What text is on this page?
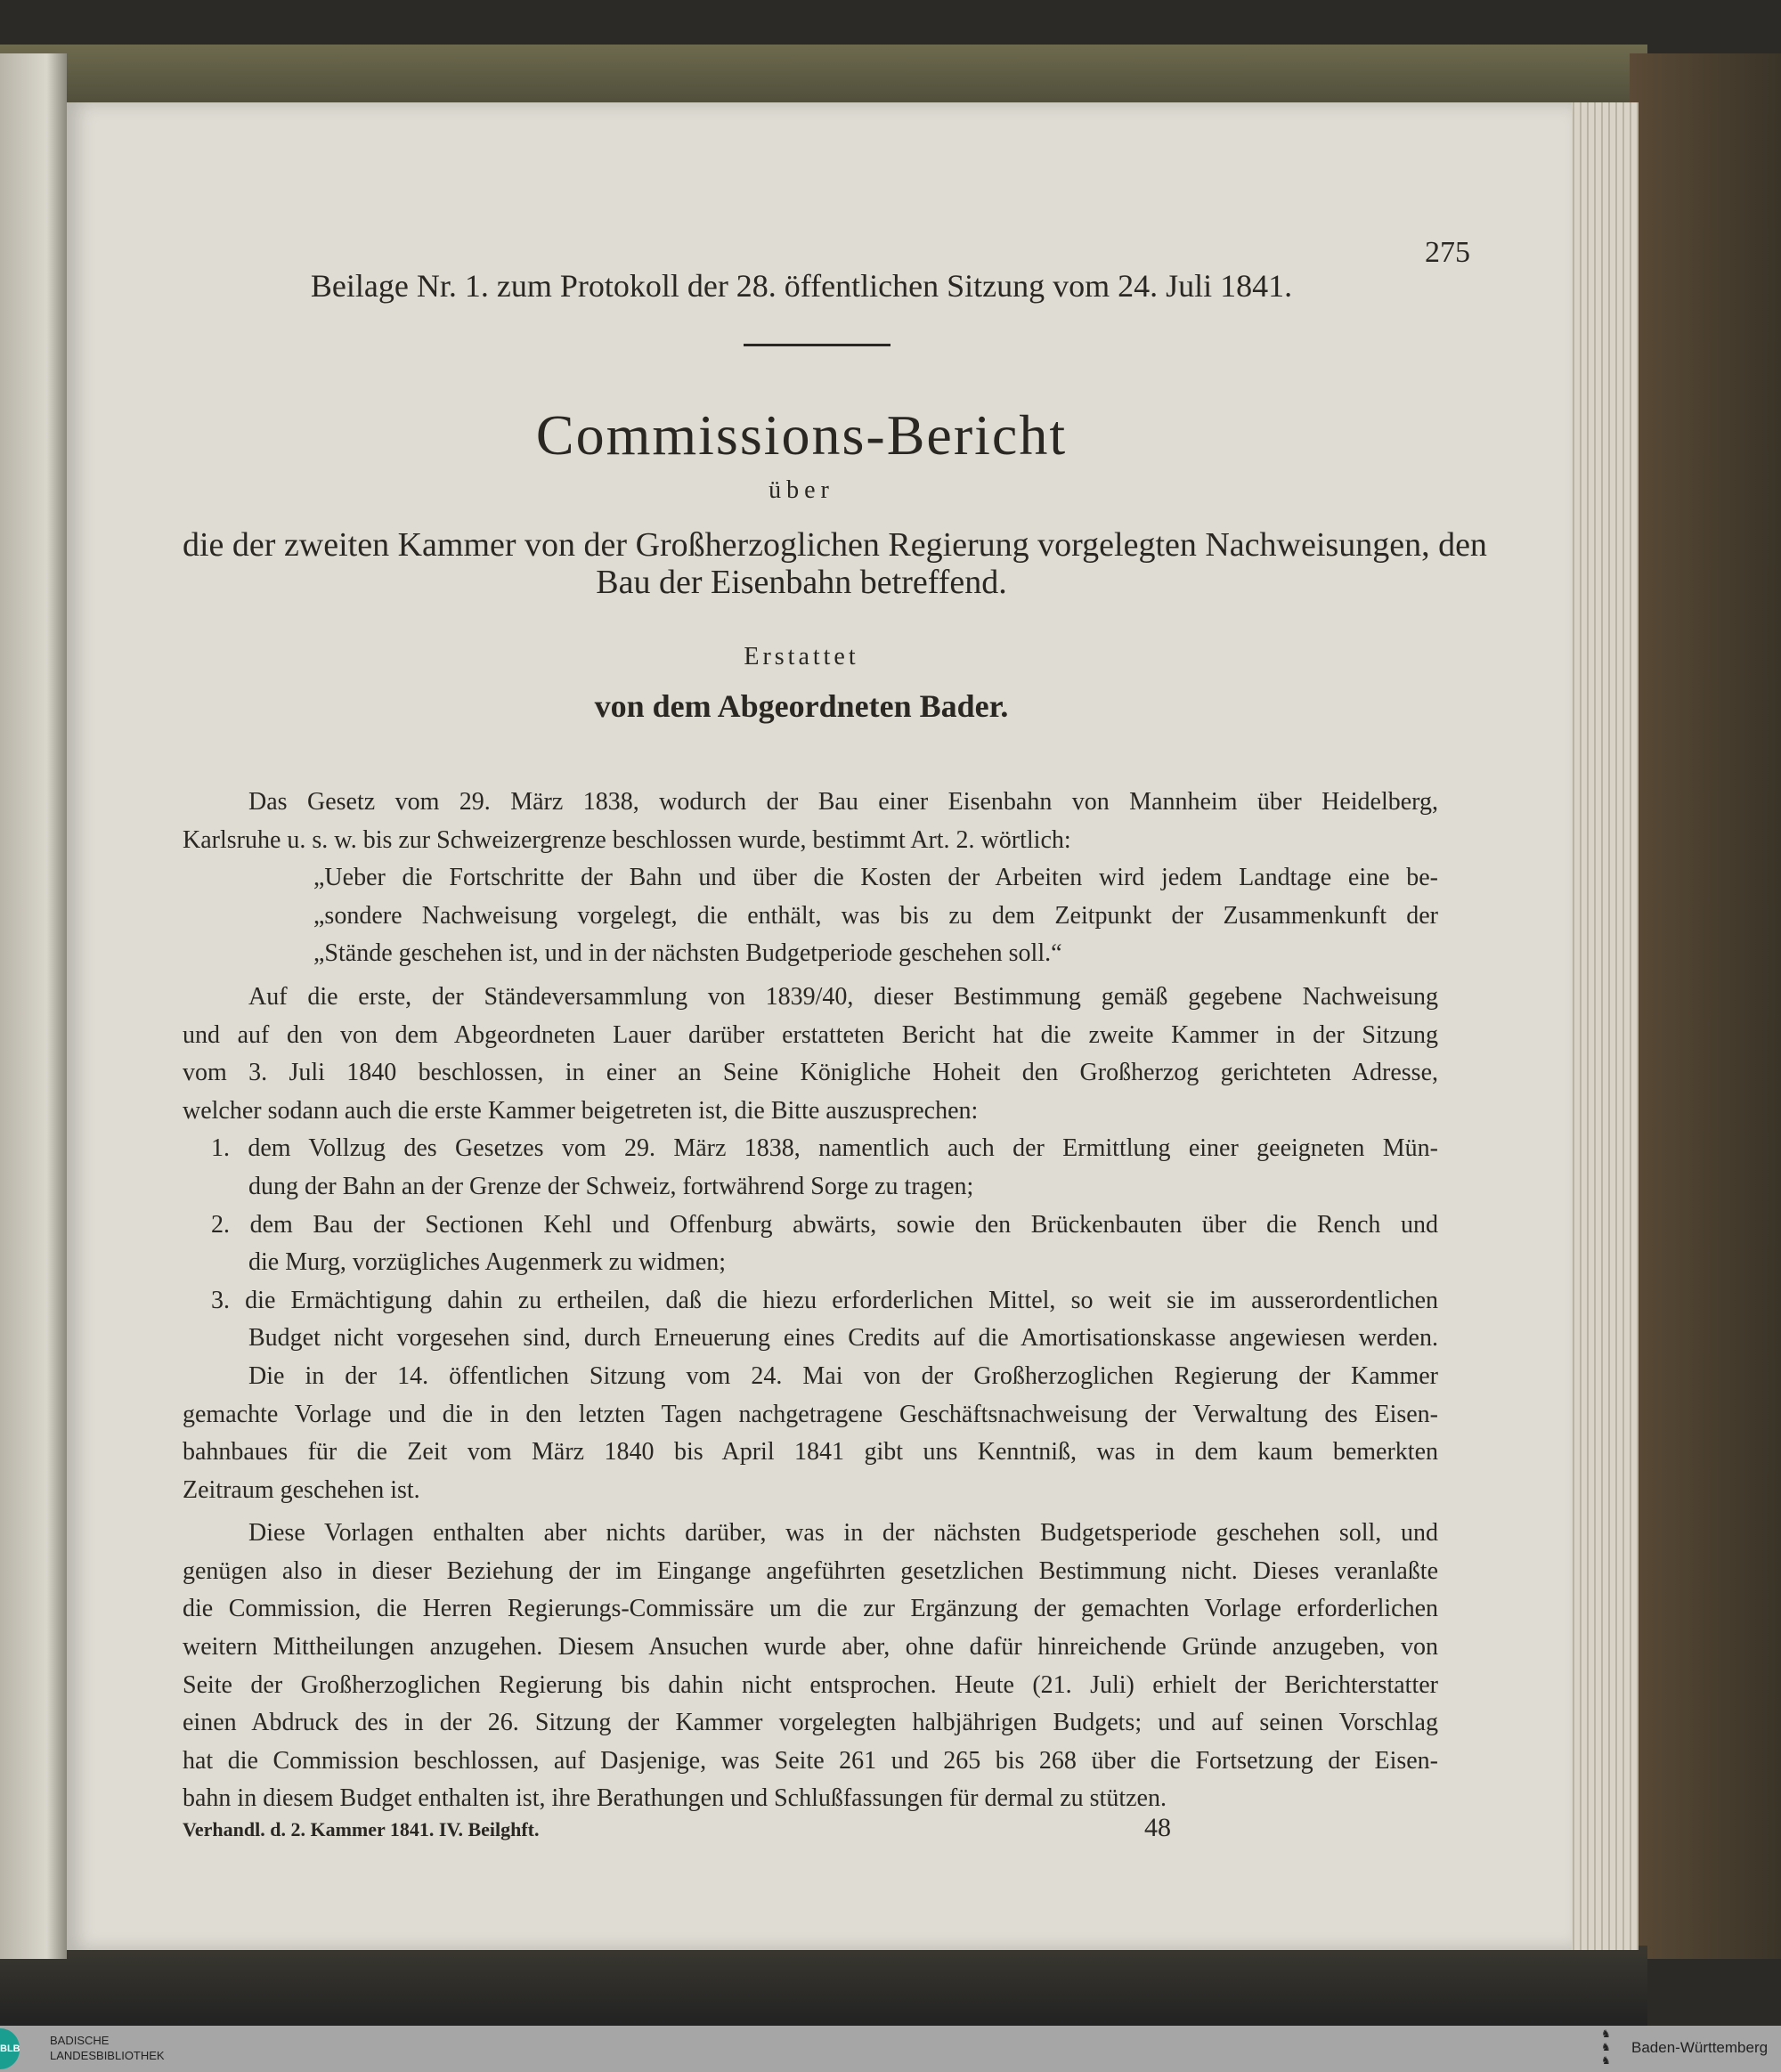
275
Beilage Nr. 1. zum Protokoll der 28. öffentlichen Sitzung vom 24. Juli 1841.
Commissions-Bericht
über
die der zweiten Kammer von der Großherzoglichen Regierung vorgelegten Nachweisungen, den
Bau der Eisenbahn betreffend.
Erstattet
von dem Abgeordneten Bader.
Das Gesetz vom 29. März 1838, wodurch der Bau einer Eisenbahn von Mannheim über Heidelberg,
Karlsruhe u. s. w. bis zur Schweizergrenze beschlossen wurde, bestimmt Art. 2. wörtlich:
„Ueber die Fortschritte der Bahn und über die Kosten der Arbeiten wird jedem Landtage eine be-
„sondere Nachweisung vorgelegt, die enthält, was bis zu dem Zeitpunkt der Zusammenkunft der
„Stände geschehen ist, und in der nächsten Budgetperiode geschehen soll.“
Auf die erste, der Ständeversammlung von 1839/40, dieser Bestimmung gemäß gegebene Nachweisung
und auf den von dem Abgeordneten Lauer darüber erstatteten Bericht hat die zweite Kammer in der Sitzung
vom 3. Juli 1840 beschlossen, in einer an Seine Königliche Hoheit den Großherzog gerichteten Adresse,
welcher sodann auch die erste Kammer beigetreten ist, die Bitte auszusprechen:
1. dem Vollzug des Gesetzes vom 29. März 1838, namentlich auch der Ermittlung einer geeigneten Mün-
dung der Bahn an der Grenze der Schweiz, fortwährend Sorge zu tragen;
2. dem Bau der Sectionen Kehl und Offenburg abwärts, sowie den Brückenbauten über die Rench und
die Murg, vorzügliches Augenmerk zu widmen;
3. die Ermächtigung dahin zu ertheilen, daß die hiezu erforderlichen Mittel, so weit sie im ausserordentlichen
Budget nicht vorgesehen sind, durch Erneuerung eines Credits auf die Amortisationskasse angewiesen werden.
Die in der 14. öffentlichen Sitzung vom 24. Mai von der Großherzoglichen Regierung der Kammer
gemachte Vorlage und die in den letzten Tagen nachgetragene Geschäftsnachweisung der Verwaltung des Eisen-
bahnbaues für die Zeit vom März 1840 bis April 1841 gibt uns Kenntniß, was in dem kaum bemerkten
Zeitraum geschehen ist.
Diese Vorlagen enthalten aber nichts darüber, was in der nächsten Budgetsperiode geschehen soll, und
genügen also in dieser Beziehung der im Eingange angeführten gesetzlichen Bestimmung nicht. Dieses veranlaßte
die Commission, die Herren Regierungs-Commissäre um die zur Ergänzung der gemachten Vorlage erforderlichen
weitern Mittheilungen anzugehen. Diesem Ansuchen wurde aber, ohne dafür hinreichende Gründe anzugeben, von
Seite der Großherzoglichen Regierung bis dahin nicht entsprochen. Heute (21. Juli) erhielt der Berichterstatter
einen Abdruck des in der 26. Sitzung der Kammer vorgelegten halbjährigen Budgets; und auf seinen Vorschlag
hat die Commission beschlossen, auf Dasjenige, was Seite 261 und 265 bis 268 über die Fortsetzung der Eisen-
bahn in diesem Budget enthalten ist, ihre Berathungen und Schlußfassungen für dermal zu stützen.
Verhandl. d. 2. Kammer 1841. IV. Beilghft.	48
BLB
BADISCHE
LANDESBIBLIOTHEK
♞
♞
♞
Baden-Württemberg
